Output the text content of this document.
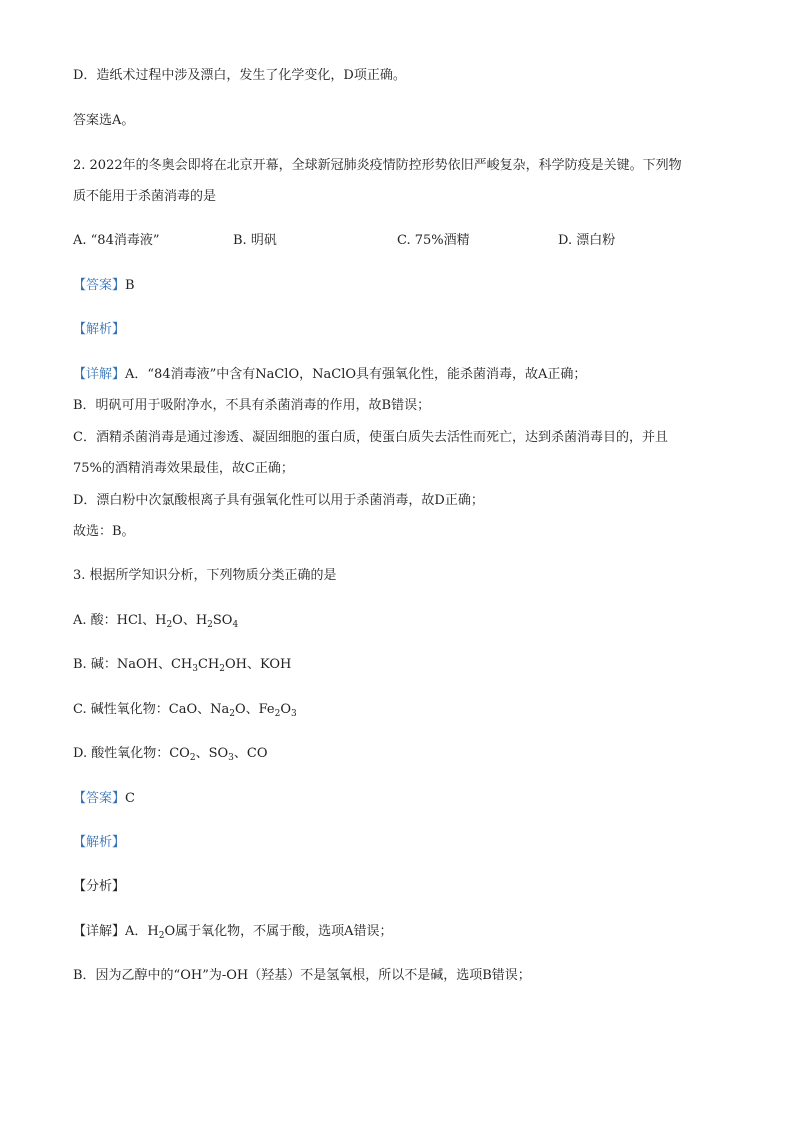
D．造纸术过程中涉及漂白，发生了化学变化，D项正确。
答案选A。
2. 2022年的冬奥会即将在北京开幕，全球新冠肺炎疫情防控形势依旧严峻复杂，科学防疫是关键。下列物
质不能用于杀菌消毒的是
A. “84消毒液”	B. 明矾	C. 75%酒精	D. 漂白粉
【答案】B
【解析】
【详解】A．“84消毒液”中含有NaClO，NaClO具有强氧化性，能杀菌消毒，故A正确；
B．明矾可用于吸附净水，不具有杀菌消毒的作用，故B错误；
C．酒精杀菌消毒是通过渗透、凝固细胞的蛋白质，使蛋白质失去活性而死亡，达到杀菌消毒目的，并且
75%的酒精消毒效果最佳，故C正确；
D．漂白粉中次氯酸根离子具有强氧化性可以用于杀菌消毒，故D正确；
故选：B。
3. 根据所学知识分析，下列物质分类正确的是
A. 酸：HCl、$H_2O$、$H_2SO_4$
B. 碱：NaOH、$CH_3CH_2OH$、KOH
C. 碱性氧化物：CaO、$Na_2O$、$Fe_2O_3$
D. 酸性氧化物：$CO_2$、$SO_3$、CO
【答案】C
【解析】
【分析】
【详解】A．$H_2O$属于氧化物，不属于酸，选项A错误；
B．因为乙醇中的“OH”为-OH（羟基）不是氢氧根，所以不是碱，选项B错误；
